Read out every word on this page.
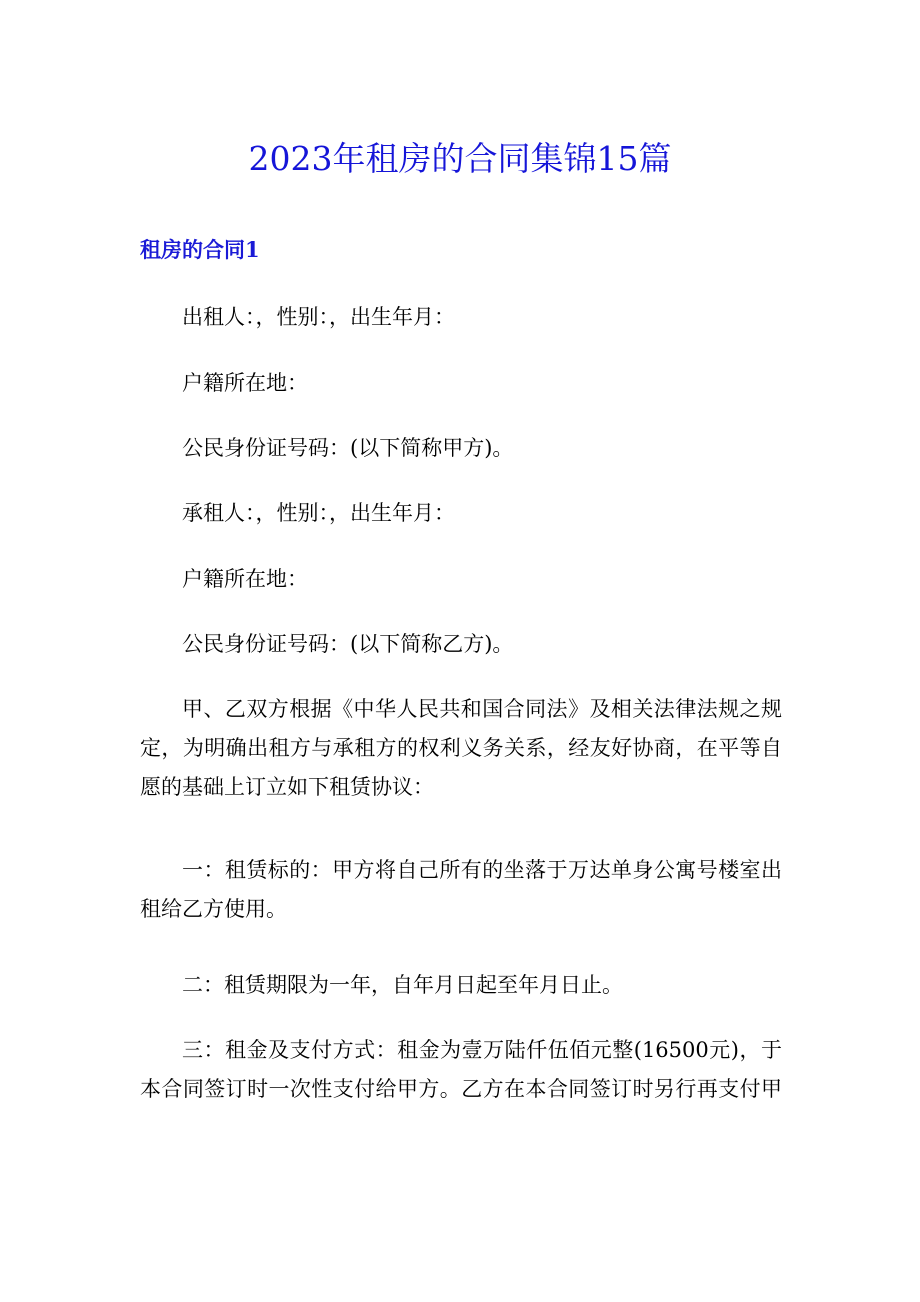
2023年租房的合同集锦15篇
租房的合同1

出租人：，性别：，出生年月：

户籍所在地：

公民身份证号码：(以下简称甲方)。

承租人：，性别：，出生年月：

户籍所在地：

公民身份证号码：(以下简称乙方)。

甲、乙双方根据《中华人民共和国合同法》及相关法律法规之规
定，为明确出租方与承租方的权利义务关系，经友好协商，在平等自
愿的基础上订立如下租赁协议：
一：租赁标的：甲方将自己所有的坐落于万达单身公寓号楼室出
租给乙方使用。

二：租赁期限为一年，自年月日起至年月日止。

三：租金及支付方式：租金为壹万陆仟伍佰元整(16500元)，于
本合同签订时一次性支付给甲方。乙方在本合同签订时另行再支付甲
